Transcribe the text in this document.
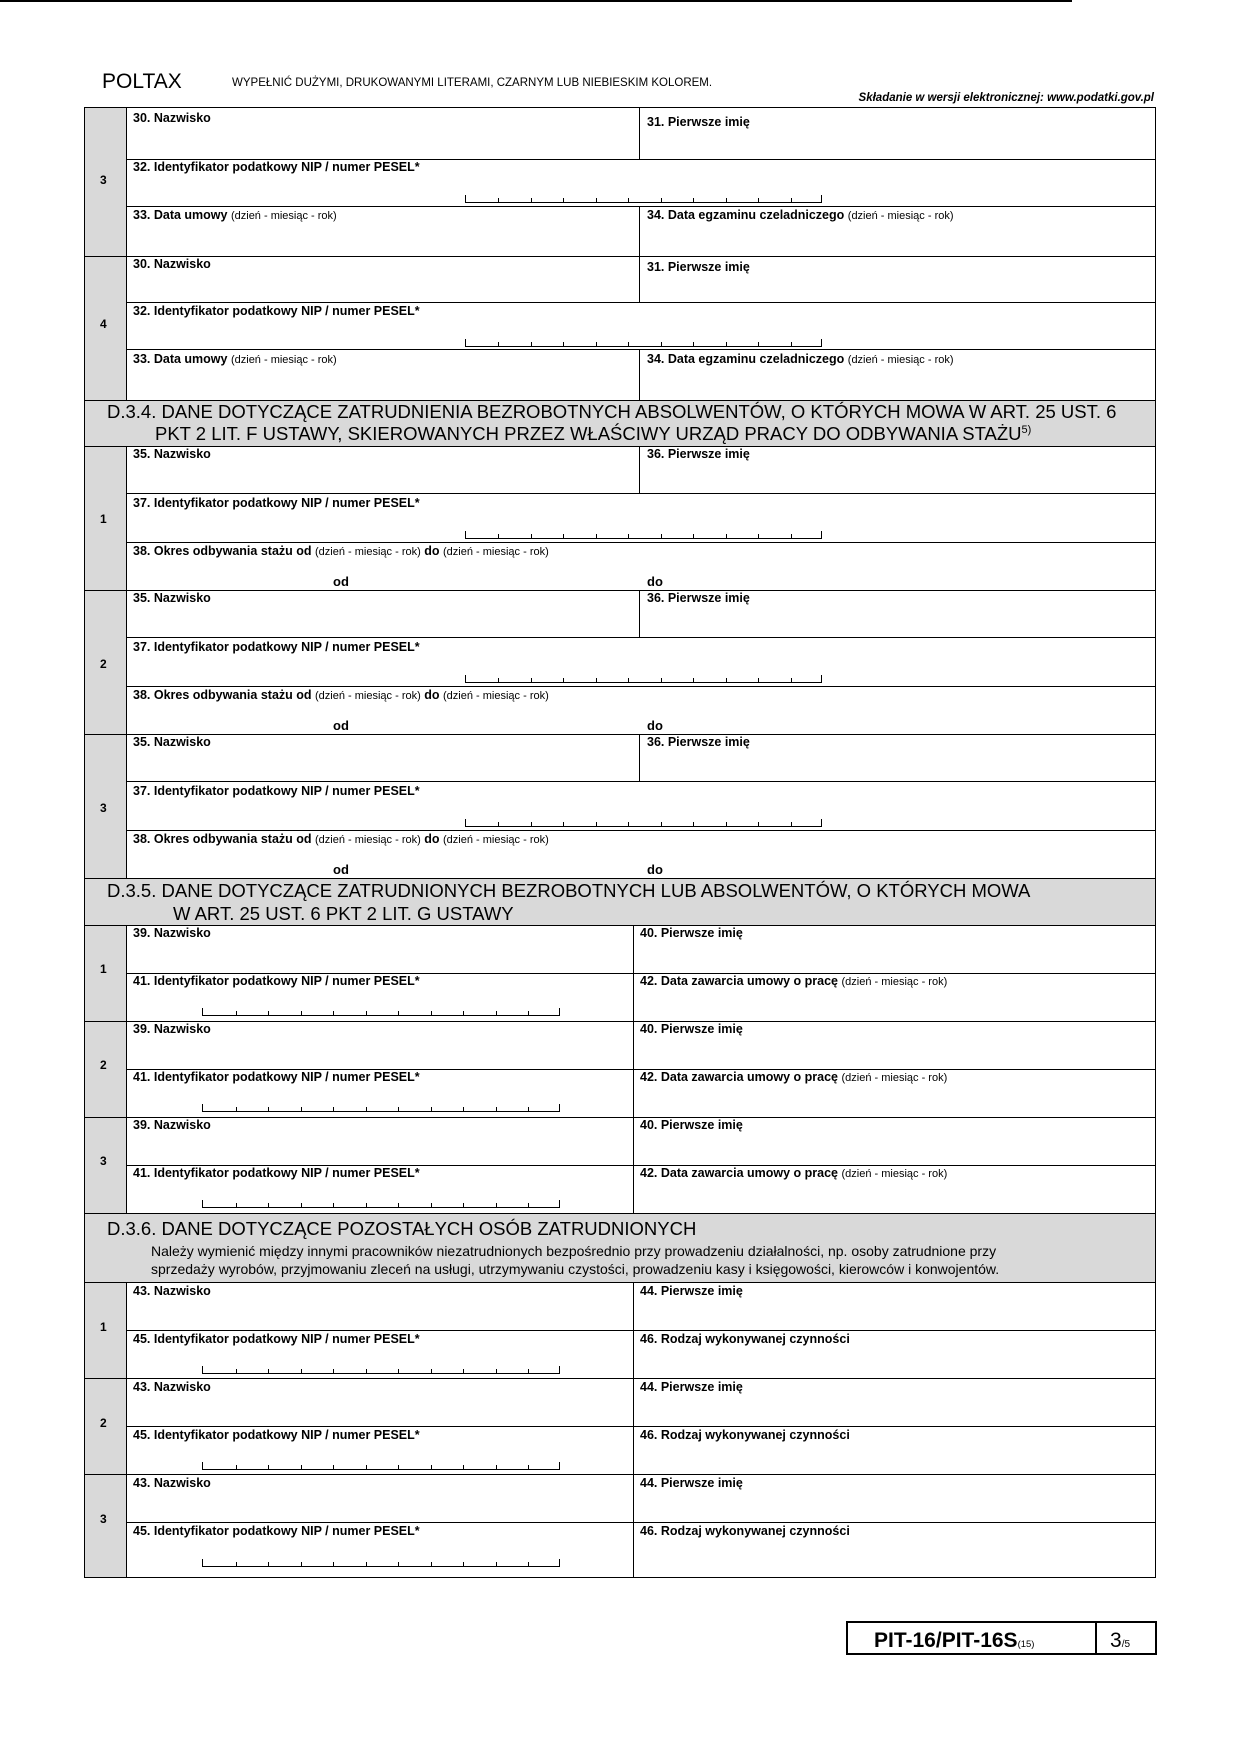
POLTAX	WYPEŁNIĆ DUŻYMI, DRUKOWANYMI LITERAMI, CZARNYM LUB NIEBIESKIM KOLOREM.
Składanie w wersji elektronicznej: www.podatki.gov.pl
3
30. Nazwisko	31. Pierwsze imię
32. Identyfikator podatkowy NIP / numer PESEL*
33. Data umowy (dzień - miesiąc - rok)	34. Data egzaminu czeladniczego (dzień - miesiąc - rok)
4
30. Nazwisko	31. Pierwsze imię
32. Identyfikator podatkowy NIP / numer PESEL*
33. Data umowy (dzień - miesiąc - rok)	34. Data egzaminu czeladniczego (dzień - miesiąc - rok)
D.3.4. DANE DOTYCZĄCE ZATRUDNIENIA BEZROBOTNYCH ABSOLWENTÓW, O KTÓRYCH MOWA W ART. 25 UST. 6
PKT 2 LIT. F USTAWY, SKIEROWANYCH PRZEZ WŁAŚCIWY URZĄD PRACY DO ODBYWANIA STAŻU$^{5)}$
1
35. Nazwisko	36. Pierwsze imię
37. Identyfikator podatkowy NIP / numer PESEL*
38. Okres odbywania stażu od (dzień - miesiąc - rok) do (dzień - miesiąc - rok)
od	do
2
35. Nazwisko	36. Pierwsze imię
37. Identyfikator podatkowy NIP / numer PESEL*
38. Okres odbywania stażu od (dzień - miesiąc - rok) do (dzień - miesiąc - rok)
od	do
3
35. Nazwisko	36. Pierwsze imię
37. Identyfikator podatkowy NIP / numer PESEL*
38. Okres odbywania stażu od (dzień - miesiąc - rok) do (dzień - miesiąc - rok)
od	do
D.3.5. DANE DOTYCZĄCE ZATRUDNIONYCH BEZROBOTNYCH LUB ABSOLWENTÓW, O KTÓRYCH MOWA
W ART. 25 UST. 6 PKT 2 LIT. G USTAWY
1
39. Nazwisko	40. Pierwsze imię
41. Identyfikator podatkowy NIP / numer PESEL*	42. Data zawarcia umowy o pracę (dzień - miesiąc - rok)
2
39. Nazwisko	40. Pierwsze imię
41. Identyfikator podatkowy NIP / numer PESEL*	42. Data zawarcia umowy o pracę (dzień - miesiąc - rok)
3
39. Nazwisko	40. Pierwsze imię
41. Identyfikator podatkowy NIP / numer PESEL*	42. Data zawarcia umowy o pracę (dzień - miesiąc - rok)
D.3.6. DANE DOTYCZĄCE POZOSTAŁYCH OSÓB ZATRUDNIONYCH
Należy wymienić między innymi pracowników niezatrudnionych bezpośrednio przy prowadzeniu działalności, np. osoby zatrudnione przy
sprzedaży wyrobów, przyjmowaniu zleceń na usługi, utrzymywaniu czystości, prowadzeniu kasy i księgowości, kierowców i konwojentów.
1
43. Nazwisko	44. Pierwsze imię
45. Identyfikator podatkowy NIP / numer PESEL*	46. Rodzaj wykonywanej czynności
2
43. Nazwisko	44. Pierwsze imię
45. Identyfikator podatkowy NIP / numer PESEL*	46. Rodzaj wykonywanej czynności
3
43. Nazwisko	44. Pierwsze imię
45. Identyfikator podatkowy NIP / numer PESEL*	46. Rodzaj wykonywanej czynności
PIT-16/PIT-16S(15)	3/5
